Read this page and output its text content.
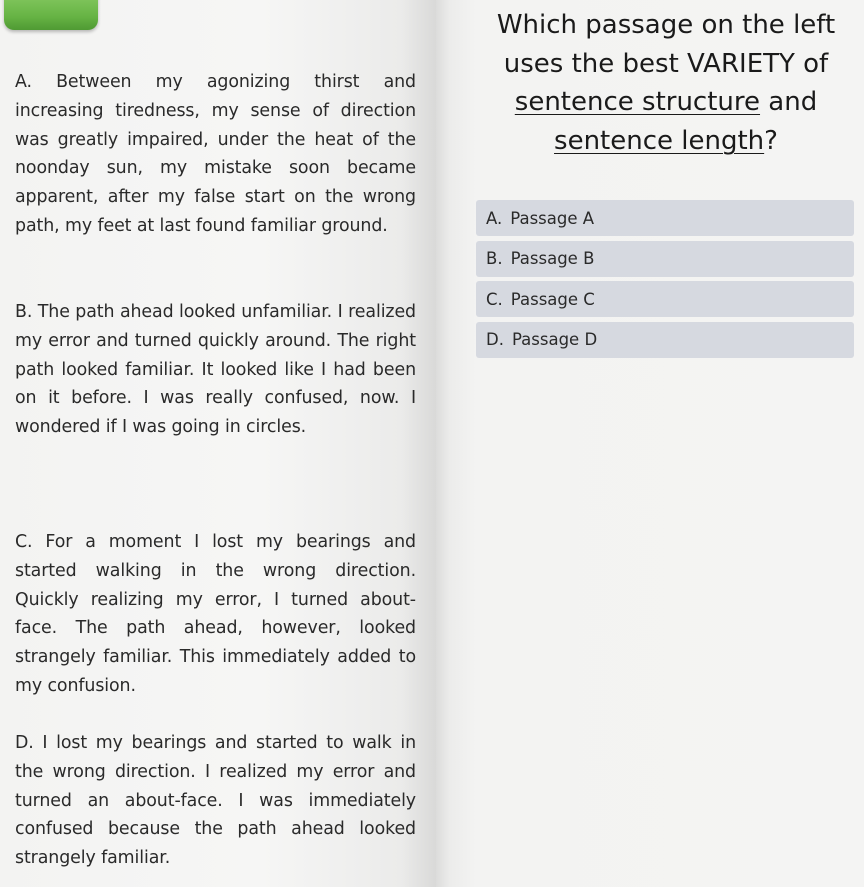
A. Between my agonizing thirst and increasing tiredness, my sense of direction was greatly impaired, under the heat of the noonday sun, my mistake soon became apparent, after my false start on the wrong path, my feet at last found familiar ground.

B. The path ahead looked unfamiliar. I realized my error and turned quickly around. The right path looked familiar. It looked like I had been on it before. I was really confused, now. I wondered if I was going in circles.

C. For a moment I lost my bearings and started walking in the wrong direction. Quickly realizing my error, I turned about-face. The path ahead, however, looked strangely familiar. This immediately added to my confusion.

D. I lost my bearings and started to walk in the wrong direction. I realized my error and turned an about-face. I was immediately confused because the path ahead looked strangely familiar.

Which passage on the left uses the best VARIETY of
sentence structure and
sentence length?
A. Passage A
B. Passage B
C. Passage C
D. Passage D
